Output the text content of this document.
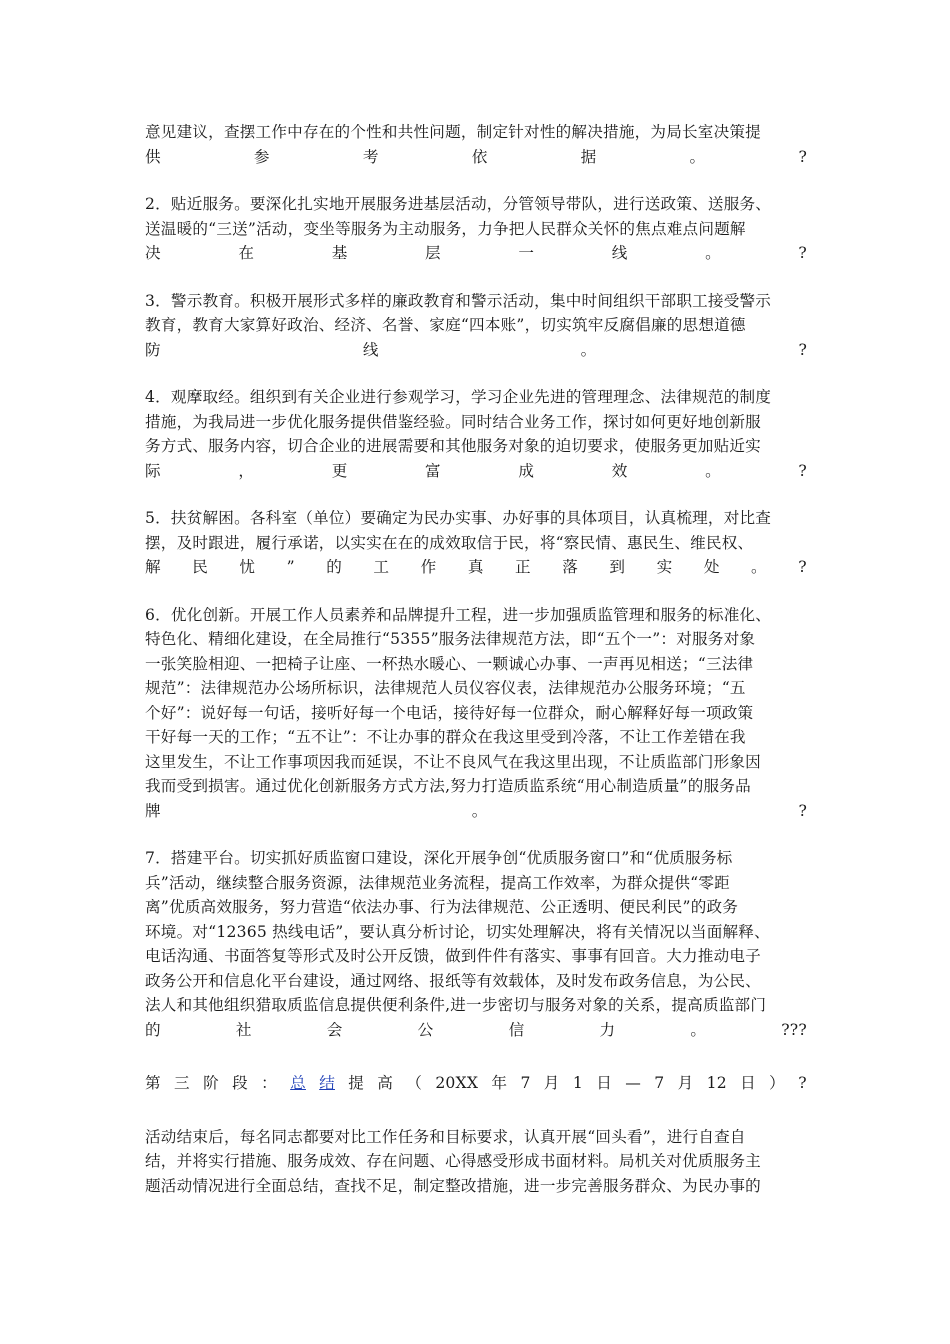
意见建议，查摆工作中存在的个性和共性问题，制定针对性的解决措施，为局长室决策提
供	参	考	依	据	。	?
2．贴近服务。要深化扎实地开展服务进基层活动，分管领导带队，进行送政策、送服务、
送温暖的“三送”活动，变坐等服务为主动服务，力争把人民群众关怀的焦点难点问题解
决	在	基	层	一	线	。	?
3．警示教育。积极开展形式多样的廉政教育和警示活动，集中时间组织干部职工接受警示
教育，教育大家算好政治、经济、名誉、家庭“四本账”，切实筑牢反腐倡廉的思想道德
防	线	。	?
4．观摩取经。组织到有关企业进行参观学习，学习企业先进的管理理念、法律规范的制度
措施，为我局进一步优化服务提供借鉴经验。同时结合业务工作，探讨如何更好地创新服
务方式、服务内容，切合企业的进展需要和其他服务对象的迫切要求，使服务更加贴近实
际	，	更	富	成	效	。	?
5．扶贫解困。各科室（单位）要确定为民办实事、办好事的具体项目，认真梳理，对比查
摆，及时跟进，履行承诺，以实实在在的成效取信于民，将“察民情、惠民生、维民权、
解 民 忧 ” 的 工 作 真 正 落 到 实 处 。 ?
6．优化创新。开展工作人员素养和品牌提升工程，进一步加强质监管理和服务的标准化、
特色化、精细化建设，在全局推行“5355”服务法律规范方法，即“五个一”：对服务对象
一张笑脸相迎、一把椅子让座、一杯热水暖心、一颗诚心办事、一声再见相送；“三法律
规范”：法律规范办公场所标识，法律规范人员仪容仪表，法律规范办公服务环境；“五
个好”：说好每一句话，接听好每一个电话，接待好每一位群众，耐心解释好每一项政策
干好每一天的工作；“五不让”：不让办事的群众在我这里受到冷落，不让工作差错在我
这里发生，不让工作事项因我而延误，不让不良风气在我这里出现，不让质监部门形象因
我而受到损害。通过优化创新服务方式方法,努力打造质监系统“用心制造质量”的服务品
牌	。	?
7．搭建平台。切实抓好质监窗口建设，深化开展争创“优质服务窗口”和“优质服务标
兵”活动，继续整合服务资源，法律规范业务流程，提高工作效率，为群众提供“零距
离”优质高效服务，努力营造“依法办事、行为法律规范、公正透明、便民利民”的政务
环境。对“12365 热线电话”，要认真分析讨论，切实处理解决，将有关情况以当面解释、
电话沟通、书面答复等形式及时公开反馈，做到件件有落实、事事有回音。大力推动电子
政务公开和信息化平台建设，通过网络、报纸等有效载体，及时发布政务信息，为公民、
法人和其他组织猎取质监信息提供便利条件,进一步密切与服务对象的关系，提高质监部门
的	社	会	公	信	力	。	???
第 三 阶 段 ： 总 结 提 高 （ 20XX 年 7 月 1 日 — 7 月 12 日 ） ?
活动结束后，每名同志都要对比工作任务和目标要求，认真开展“回头看”，进行自查自
结，并将实行措施、服务成效、存在问题、心得感受形成书面材料。局机关对优质服务主
题活动情况进行全面总结，查找不足，制定整改措施，进一步完善服务群众、为民办事的
